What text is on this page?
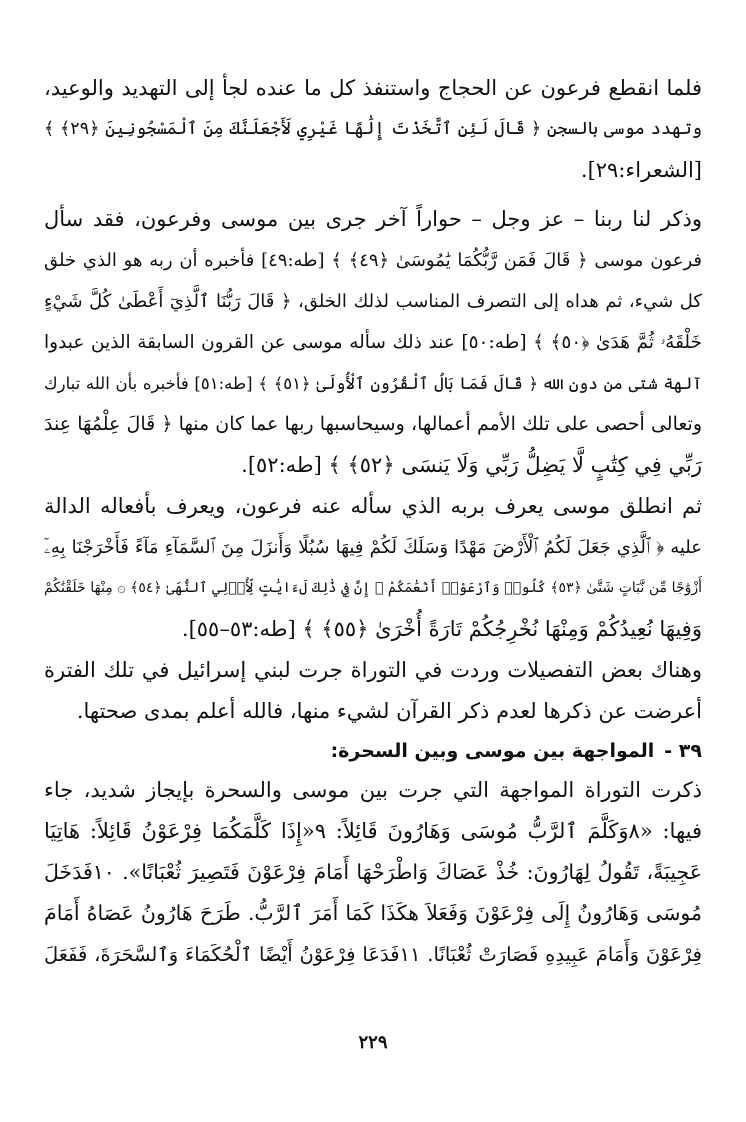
فلما انقطع فرعون عن الحجاج واستنفذ كل ما عنده لجأ إلى التهديد والوعيد،
وتهدد موسى بالسجن ﴿ قَالَ لَئِنِ ٱتَّخَذْتَ إِلَٰهًا غَيْرِي لَأَجْعَلَنَّكَ مِنَ ٱلْمَسْجُونِينَ ﴿٢٩﴾ ﴾
[الشعراء:٢٩].
وذكر لنا ربنا – عز وجل – حواراً آخر جرى بين موسى وفرعون، فقد سأل
فرعون موسى ﴿ قَالَ فَمَن رَّبُّكُمَا يَٰمُوسَىٰ ﴿٤٩﴾ ﴾ [طه:٤٩] فأخبره أن ربه هو الذي خلق
كل شيء، ثم هداه إلى التصرف المناسب لذلك الخلق، ﴿ قَالَ رَبُّنَا ٱلَّذِيٓ أَعْطَىٰ كُلَّ شَيْءٍ
خَلْقَهُۥ ثُمَّ هَدَىٰ ﴿٥٠﴾ ﴾ [طه:٥٠] عند ذلك سأله موسى عن القرون السابقة الذين عبدوا
آلهة شتى من دون الله ﴿ قَالَ فَمَا بَالُ ٱلْقُرُونِ ٱلْأُولَىٰ ﴿٥١﴾ ﴾ [طه:٥١] فأخبره بأن الله تبارك
وتعالى أحصى على تلك الأمم أعمالها، وسيحاسبها ربها عما كان منها ﴿ قَالَ عِلْمُهَا عِندَ
رَبِّي فِي كِتَٰبٍ لَّا يَضِلُّ رَبِّي وَلَا يَنسَى ﴿٥٢﴾ ﴾ [طه:٥٢].
ثم انطلق موسى يعرف بربه الذي سأله عنه فرعون، ويعرف بأفعاله الدالة
عليه ﴿ ٱلَّذِي جَعَلَ لَكُمُ ٱلْأَرْضَ مَهْدًا وَسَلَكَ لَكُمْ فِيهَا سُبُلًا وَأَنزَلَ مِنَ ٱلسَّمَآءِ مَآءً فَأَخْرَجْنَا بِهِۦٓ
أَزْوَٰجًا مِّن نَّبَاتٍ شَتَّىٰ ﴿٥٣﴾ كُلُوا۟ وَٱرْعَوْا۟ أَنْعَٰمَكُمْ ۗ إِنَّ فِي ذَٰلِكَ لَءَايَٰتٍ لِّأُو۟لِي ٱلنُّهَىٰ ﴿٥٤﴾ ۞ مِنْهَا خَلَقْنَٰكُمْ
وَفِيهَا نُعِيدُكُمْ وَمِنْهَا نُخْرِجُكُمْ تَارَةً أُخْرَىٰ ﴿٥٥﴾ ﴾ [طه:٥٣–٥٥].
وهناك بعض التفصيلات وردت في التوراة جرت لبني إسرائيل في تلك الفترة
أعرضت عن ذكرها لعدم ذكر القرآن لشيء منها، فالله أعلم بمدى صحتها.
٣٩ -المواجهة بين موسى وبين السحرة:
ذكرت التوراة المواجهة التي جرت بين موسى والسحرة بإيجاز شديد، جاء
فيها: «٨وَكَلَّمَ ٱلرَّبُّ مُوسَى وَهَارُونَ قَائِلاً: ٩«إِذَا كَلَّمَكُمَا فِرْعَوْنُ قَائِلاً: هَاتِيَا
عَجِيبَةً، تَقُولُ لِهَارُونَ: خُذْ عَصَاكَ وَاطْرَحْهَا أَمَامَ فِرْعَوْنَ فَتَصِيرَ ثُعْبَانًا». ١٠فَدَخَلَ
مُوسَى وَهَارُونُ إِلَى فِرْعَوْنَ وَفَعَلاَ هكَذَا كَمَا أَمَرَ ٱلرَّبُّ. طَرَحَ هَارُونُ عَصَاهُ أَمَامَ
فِرْعَوْنَ وَأَمَامَ عَبِيدِهِ فَصَارَتْ ثُعْبَانًا. ١١فَدَعَا فِرْعَوْنُ أَيْضًا ٱلْحُكَمَاءَ وَٱلسَّحَرَةَ، فَفَعَلَ
٢٢٩
